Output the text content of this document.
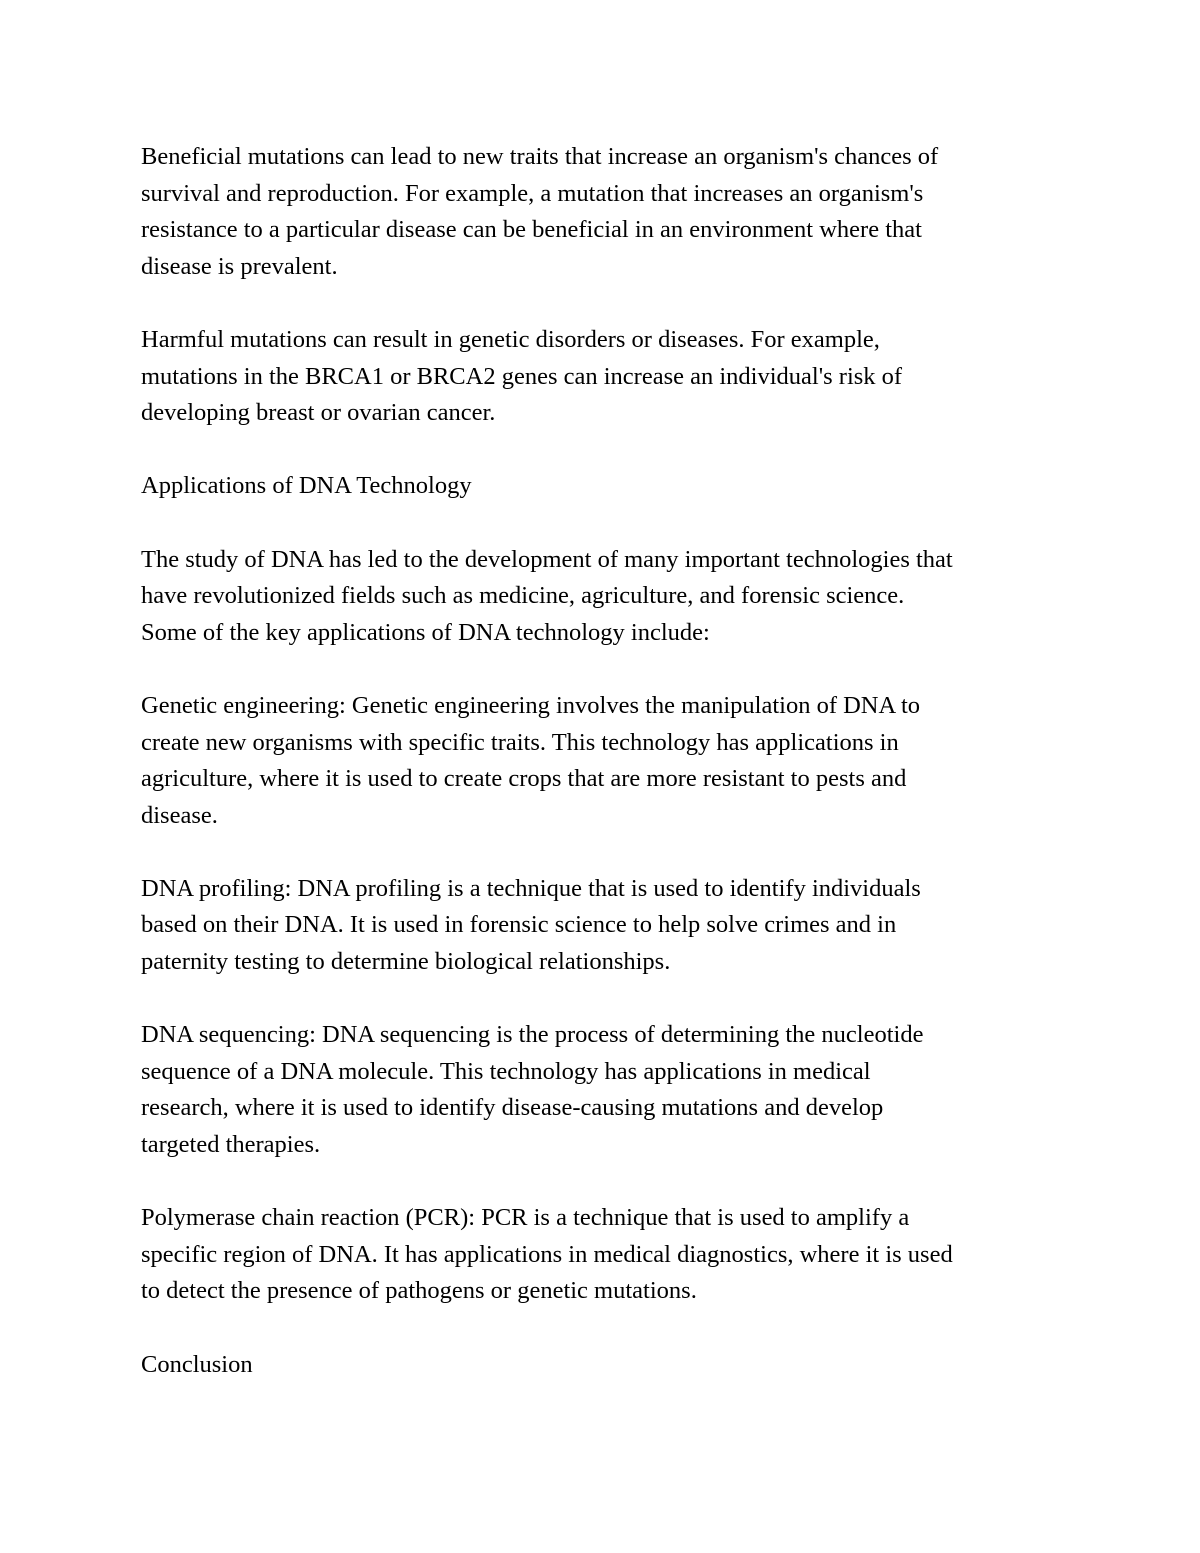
Beneficial mutations can lead to new traits that increase an organism's chances of
survival and reproduction. For example, a mutation that increases an organism's
resistance to a particular disease can be beneficial in an environment where that
disease is prevalent.

Harmful mutations can result in genetic disorders or diseases. For example,
mutations in the BRCA1 or BRCA2 genes can increase an individual's risk of
developing breast or ovarian cancer.

Applications of DNA Technology

The study of DNA has led to the development of many important technologies that
have revolutionized fields such as medicine, agriculture, and forensic science.
Some of the key applications of DNA technology include:

Genetic engineering: Genetic engineering involves the manipulation of DNA to
create new organisms with specific traits. This technology has applications in
agriculture, where it is used to create crops that are more resistant to pests and
disease.

DNA profiling: DNA profiling is a technique that is used to identify individuals
based on their DNA. It is used in forensic science to help solve crimes and in
paternity testing to determine biological relationships.

DNA sequencing: DNA sequencing is the process of determining the nucleotide
sequence of a DNA molecule. This technology has applications in medical
research, where it is used to identify disease-causing mutations and develop
targeted therapies.

Polymerase chain reaction (PCR): PCR is a technique that is used to amplify a
specific region of DNA. It has applications in medical diagnostics, where it is used
to detect the presence of pathogens or genetic mutations.

Conclusion
